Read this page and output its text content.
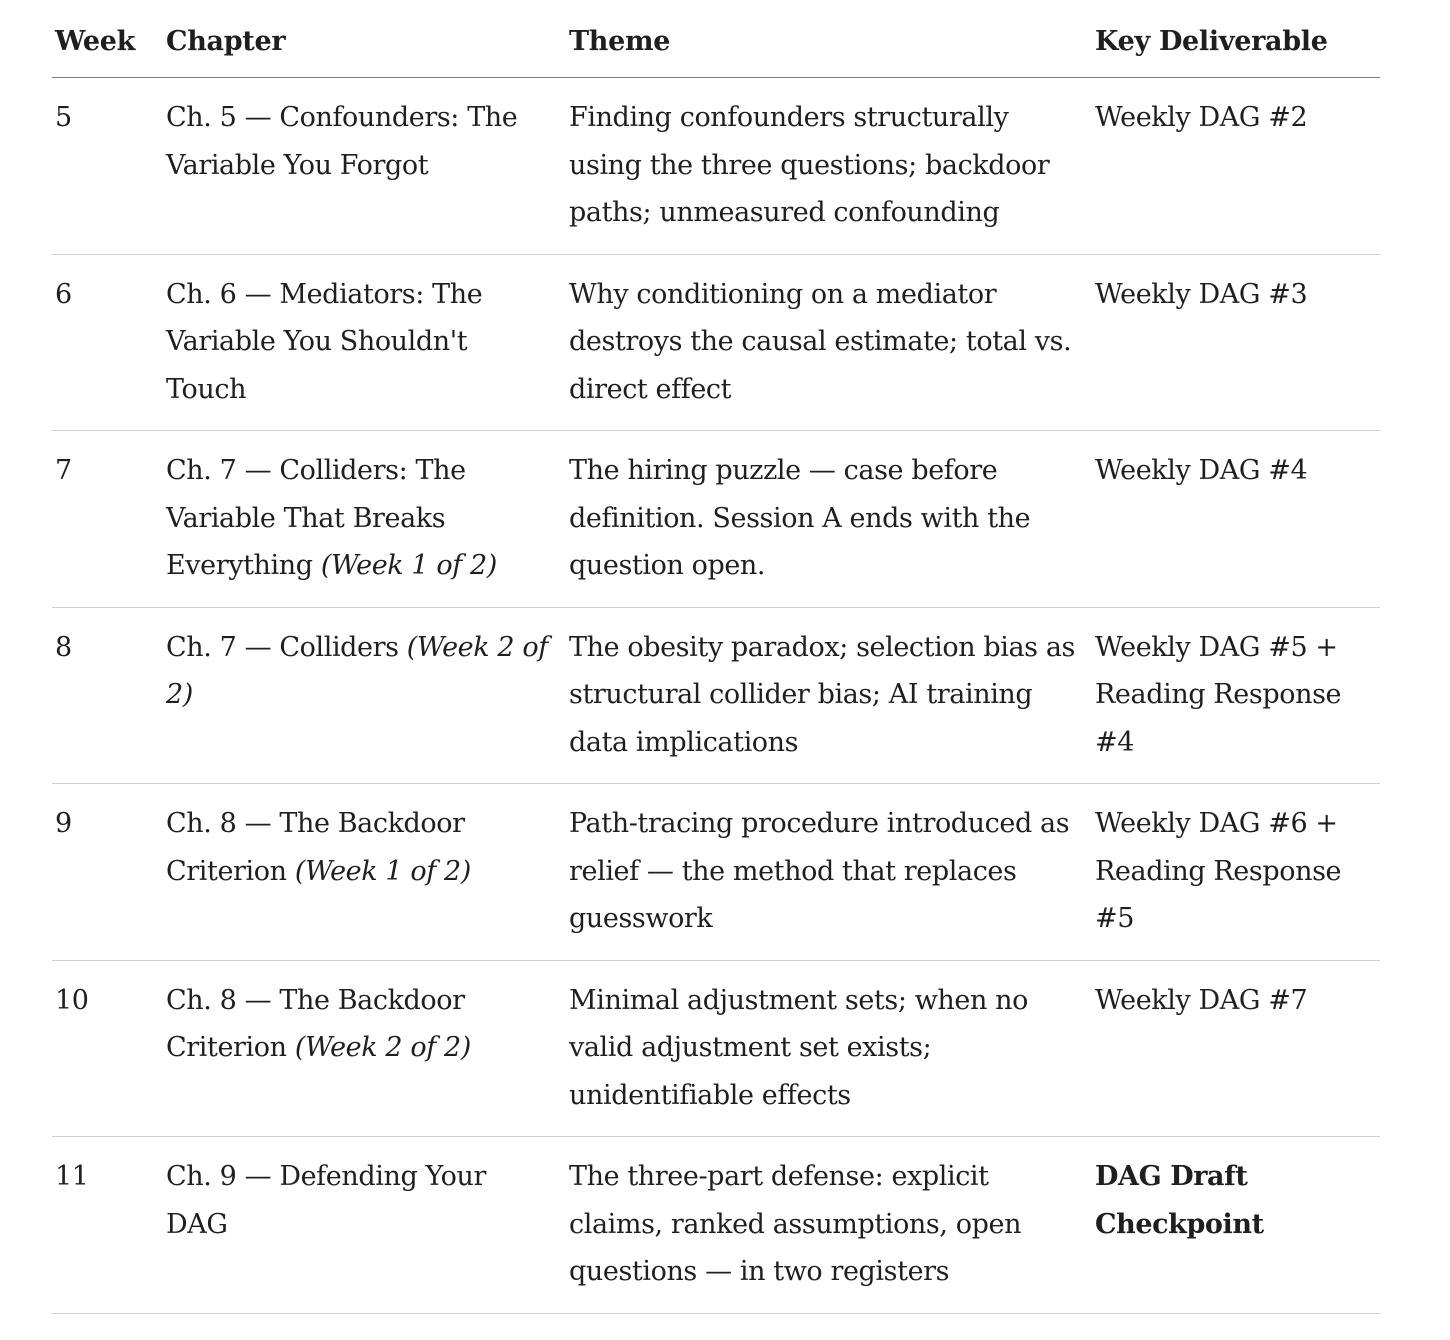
Week	Chapter	Theme	Key Deliverable
5	Ch. 5 — Confounders: The Variable You Forgot	Finding confounders structurally using the three questions; backdoor paths; unmeasured confounding	Weekly DAG #2
6	Ch. 6 — Mediators: The Variable You Shouldn't Touch	Why conditioning on a mediator destroys the causal estimate; total vs. direct effect	Weekly DAG #3
7	Ch. 7 — Colliders: The Variable That Breaks Everything (Week 1 of 2)	The hiring puzzle — case before definition. Session A ends with the question open.	Weekly DAG #4
8	Ch. 7 — Colliders (Week 2 of 2)	The obesity paradox; selection bias as structural collider bias; AI training data implications	Weekly DAG #5 + Reading Response #4
9	Ch. 8 — The Backdoor Criterion (Week 1 of 2)	Path-tracing procedure introduced as relief — the method that replaces guesswork	Weekly DAG #6 + Reading Response #5
10	Ch. 8 — The Backdoor Criterion (Week 2 of 2)	Minimal adjustment sets; when no valid adjustment set exists; unidentifiable effects	Weekly DAG #7
11	Ch. 9 — Defending Your DAG	The three-part defense: explicit claims, ranked assumptions, open questions — in two registers	DAG Draft Checkpoint
